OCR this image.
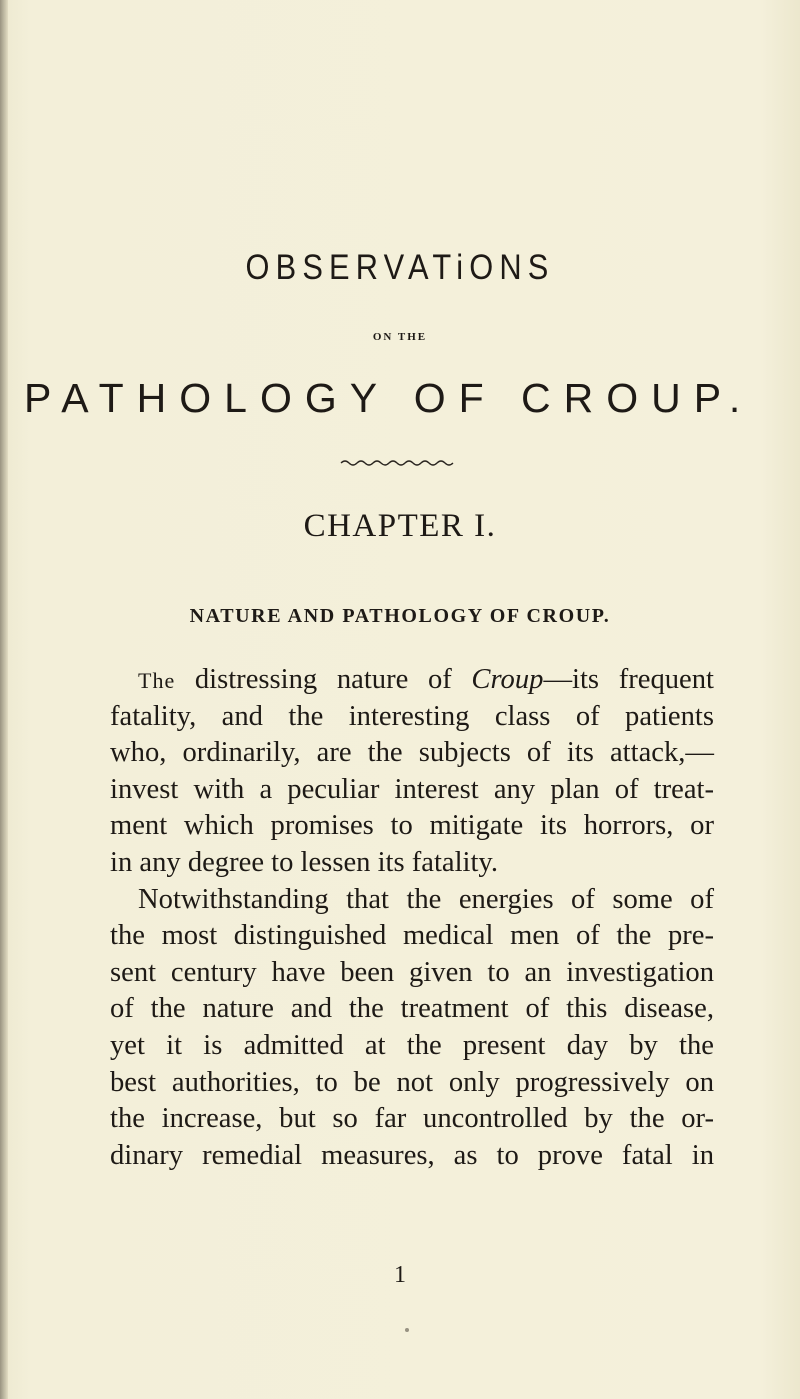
OBSERVATiONS
ON THE
PATHOLOGY OF CROUP.
CHAPTER I.
NATURE AND PATHOLOGY OF CROUP.
The distressing nature of Croup—its frequent
fatality, and the interesting class of patients
who, ordinarily, are the subjects of its attack,—
invest with a peculiar interest any plan of treat-
ment which promises to mitigate its horrors, or
in any degree to lessen its fatality.
Notwithstanding that the energies of some of
the most distinguished medical men of the pre-
sent century have been given to an investigation
of the nature and the treatment of this disease,
yet it is admitted at the present day by the
best authorities, to be not only progressively on
the increase, but so far uncontrolled by the or-
dinary remedial measures, as to prove fatal in
1
